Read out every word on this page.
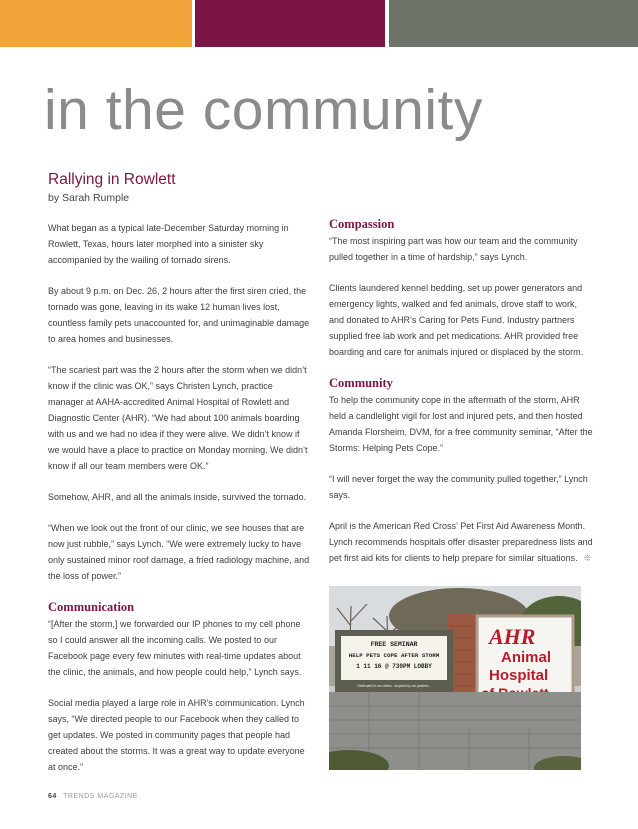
in the community
Rallying in Rowlett
by Sarah Rumple

What began as a typical late-December Saturday morning in Rowlett, Texas, hours later morphed into a sinister sky accompanied by the wailing of tornado sirens.

By about 9 p.m. on Dec. 26, 2 hours after the first siren cried, the tornado was gone, leaving in its wake 12 human lives lost, countless family pets unaccounted for, and unimaginable damage to area homes and businesses.

“The scariest part was the 2 hours after the storm when we didn’t know if the clinic was OK,” says Christen Lynch, practice manager at AAHA-accredited Animal Hospital of Rowlett and Diagnostic Center (AHR). “We had about 100 animals boarding with us and we had no idea if they were alive. We didn’t know if we would have a place to practice on Monday morning. We didn’t know if all our team members were OK.”

Somehow, AHR, and all the animals inside, survived the tornado.

“When we look out the front of our clinic, we see houses that are now just rubble,” says Lynch. “We were extremely lucky to have only sustained minor roof damage, a fried radiology machine, and the loss of power.”

Communication

“[After the storm,] we forwarded our IP phones to my cell phone so I could answer all the incoming calls. We posted to our Facebook page every few minutes with real-time updates about the clinic, the animals, and how people could help,” Lynch says.

Social media played a large role in AHR’s communication. Lynch says, “We directed people to our Facebook when they called to get updates. We posted in community pages that people had created about the storms. It was a great way to update everyone at once.”

Compassion

“The most inspiring part was how our team and the community pulled together in a time of hardship,” says Lynch.

Clients laundered kennel bedding, set up power generators and emergency lights, walked and fed animals, drove staff to work, and donated to AHR’s Caring for Pets Fund. Industry partners supplied free lab work and pet medications. AHR provided free boarding and care for animals injured or displaced by the storm.

Community

To help the community cope in the aftermath of the storm, AHR held a candlelight vigil for lost and injured pets, and then hosted Amanda Florsheim, DVM, for a free community seminar, “After the Storms: Helping Pets Cope.”

“I will never forget the way the community pulled together,” Lynch says.

April is the American Red Cross’ Pet First Aid Awareness Month. Lynch recommends hospitals offer disaster preparedness lists and pet first aid kits for clients to help prepare for similar situations. ❊

FREE SEMINAR
HELP PETS COPE AFTER STORM
1 11 16 @ 730PM LOBBY
Dedicated to our clients . Inspired by our patients .
AHR
Animal
Hospital
64 TRENDS MAGAZINE
